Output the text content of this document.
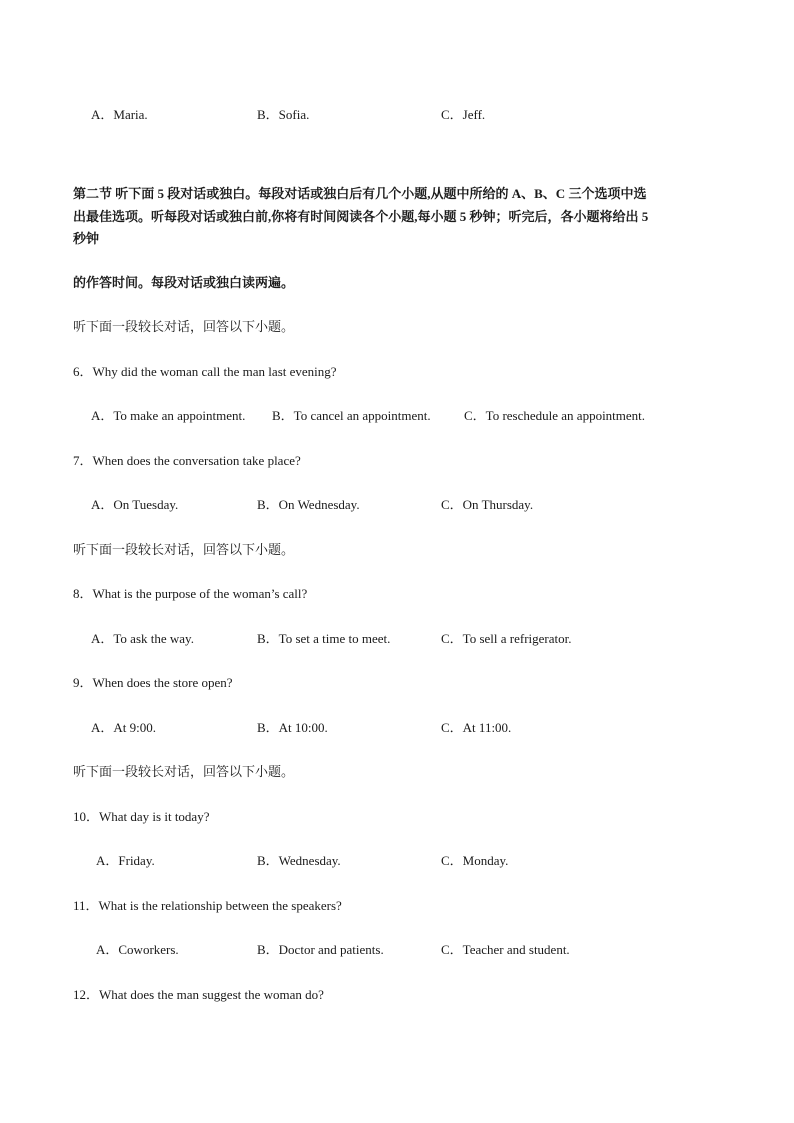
A．Maria.	B．Sofia.	C．Jeff.
第二节 听下面 5 段对话或独白。每段对话或独白后有几个小题,从题中所给的 A、B、C 三个选项中选
出最佳选项。听每段对话或独白前,你将有时间阅读各个小题,每小题 5 秒钟；听完后，各小题将给出 5
秒钟
的作答时间。每段对话或独白读两遍。
听下面一段较长对话，回答以下小题。
6．Why did the woman call the man last evening?
A．To make an appointment. B．To cancel an appointment.	C．To reschedule an appointment.
7．When does the conversation take place?
A．On Tuesday.	B．On Wednesday.	C．On Thursday.
听下面一段较长对话，回答以下小题。
8．What is the purpose of the woman’s call?
A．To ask the way.	B．To set a time to meet.	C．To sell a refrigerator.
9．When does the store open?
A．At 9:00.	B．At 10:00.	C．At 11:00.
听下面一段较长对话，回答以下小题。
10．What day is it today?
A．Friday.	B．Wednesday.	C．Monday.
11．What is the relationship between the speakers?
A．Coworkers.	B．Doctor and patients.	C．Teacher and student.
12．What does the man suggest the woman do?
